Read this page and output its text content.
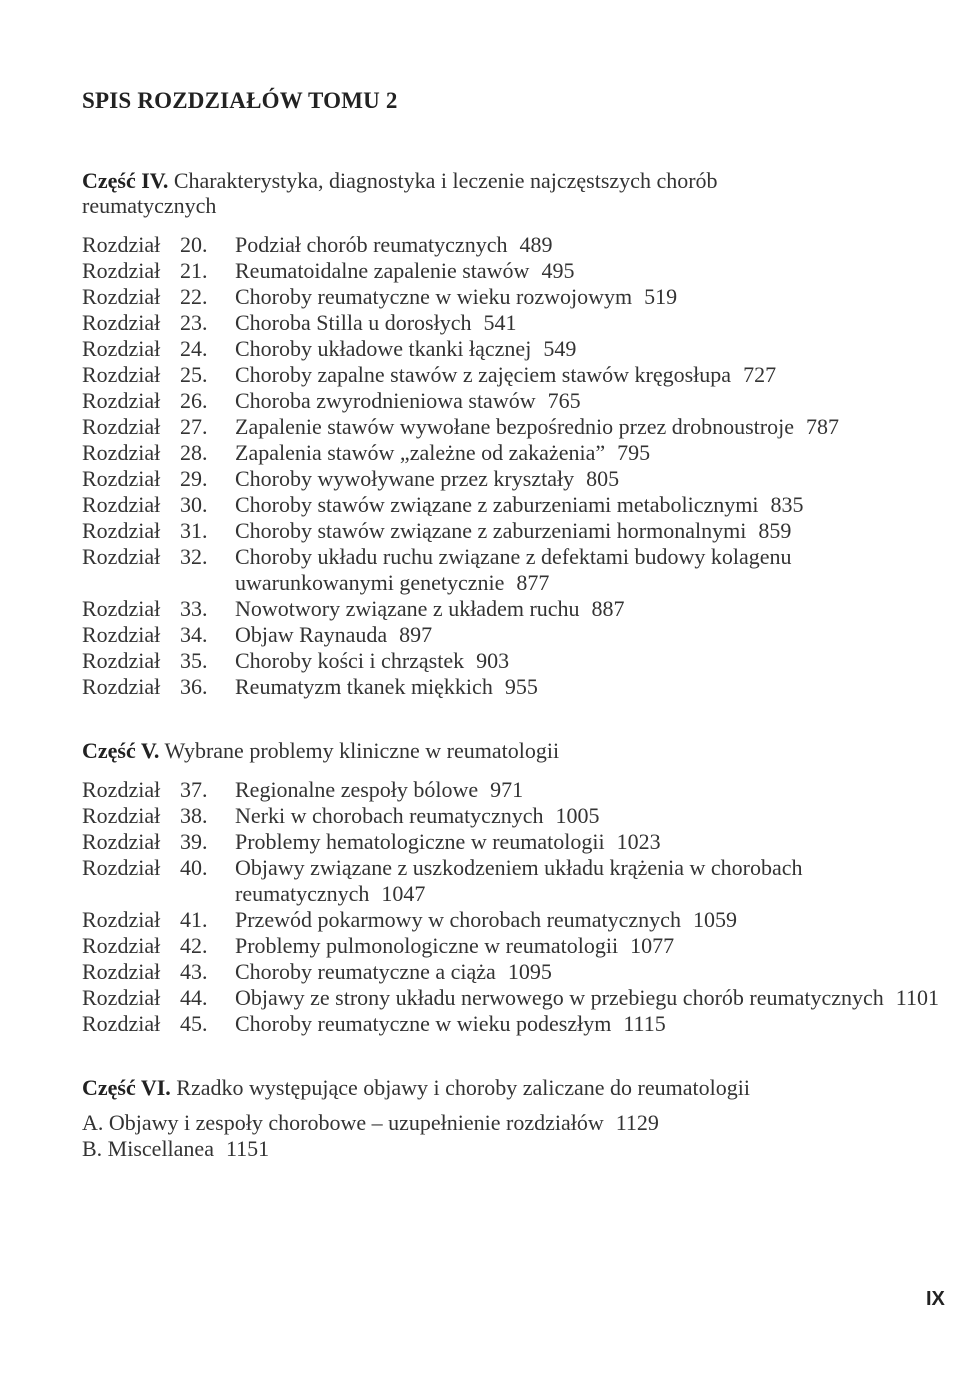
SPIS ROZDZIAŁÓW TOMU 2

Część IV. Charakterystyka, diagnostyka i leczenie najczęstszych chorób reumatycznych

Rozdział 20.	Podział chorób reumatycznych 489
Rozdział 21.	Reumatoidalne zapalenie stawów 495
Rozdział 22.	Choroby reumatyczne w wieku rozwojowym 519
Rozdział 23.	Choroba Stilla u dorosłych 541
Rozdział 24.	Choroby układowe tkanki łącznej 549
Rozdział 25.	Choroby zapalne stawów z zajęciem stawów kręgosłupa 727
Rozdział 26.	Choroba zwyrodnieniowa stawów 765
Rozdział 27.	Zapalenie stawów wywołane bezpośrednio przez drobnoustroje 787
Rozdział 28.	Zapalenia stawów „zależne od zakażenia” 795
Rozdział 29.	Choroby wywoływane przez kryształy 805
Rozdział 30.	Choroby stawów związane z zaburzeniami metabolicznymi 835
Rozdział 31.	Choroby stawów związane z zaburzeniami hormonalnymi 859
Rozdział 32.	Choroby układu ruchu związane z defektami budowy kolagenu uwarunkowanymi genetycznie 877
Rozdział 33.	Nowotwory związane z układem ruchu 887
Rozdział 34.	Objaw Raynauda 897
Rozdział 35.	Choroby kości i chrząstek 903
Rozdział 36.	Reumatyzm tkanek miękkich 955

Część V. Wybrane problemy kliniczne w reumatologii

Rozdział 37.	Regionalne zespoły bólowe 971
Rozdział 38.	Nerki w chorobach reumatycznych 1005
Rozdział 39.	Problemy hematologiczne w reumatologii 1023
Rozdział 40.	Objawy związane z uszkodzeniem układu krążenia w chorobach reumatycznych 1047
Rozdział 41.	Przewód pokarmowy w chorobach reumatycznych 1059
Rozdział 42.	Problemy pulmonologiczne w reumatologii 1077
Rozdział 43.	Choroby reumatyczne a ciąża 1095
Rozdział 44.	Objawy ze strony układu nerwowego w przebiegu chorób reumatycznych 1101
Rozdział 45.	Choroby reumatyczne w wieku podeszłym 1115

Część VI. Rzadko występujące objawy i choroby zaliczane do reumatologii

A. Objawy i zespoły chorobowe – uzupełnienie rozdziałów 1129
B. Miscellanea 1151
IX
